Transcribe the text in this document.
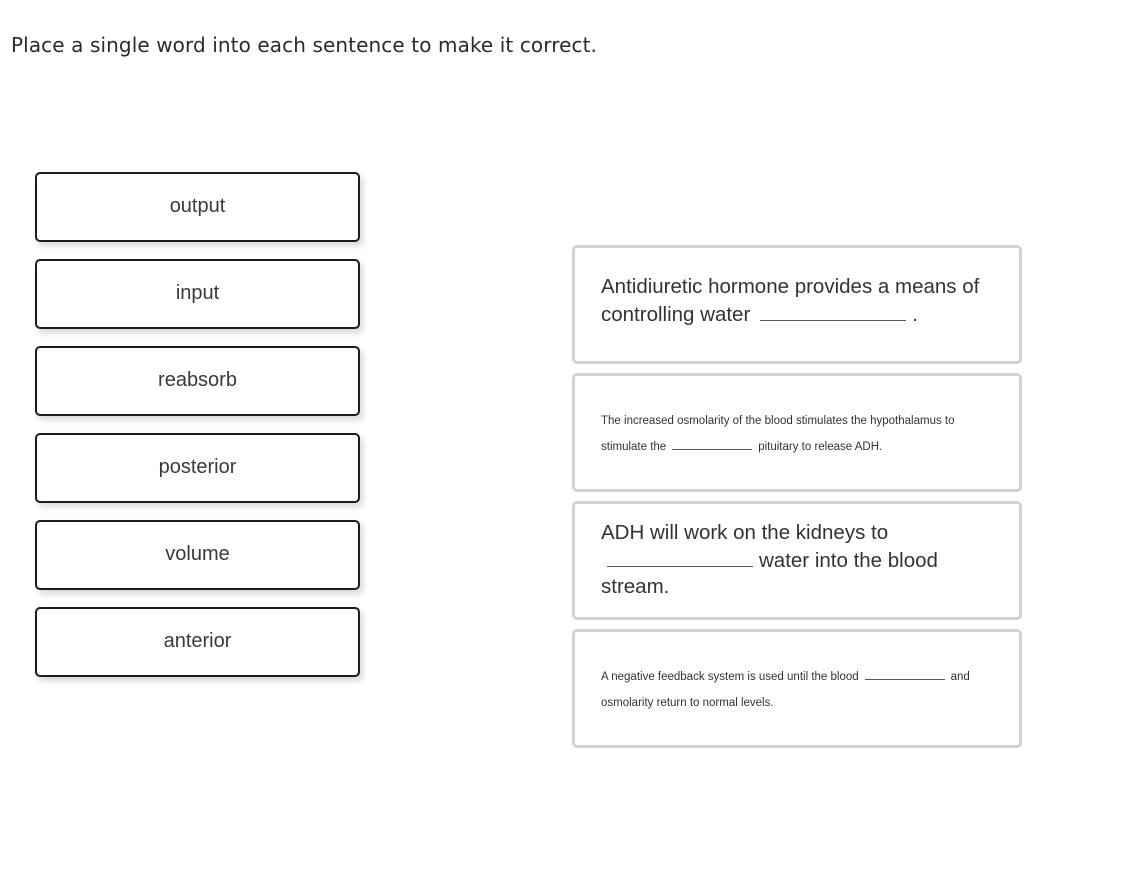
Place a single word into each sentence to make it correct.
output
input
reabsorb
posterior
volume
anterior
Antidiuretic hormone provides a means of controlling water	.
The increased osmolarity of the blood stimulates the hypothalamus to stimulate the	pituitary to release ADH.
ADH will work on the kidneys to
water into the blood stream.
A negative feedback system is used until the blood	and osmolarity return to normal levels.
